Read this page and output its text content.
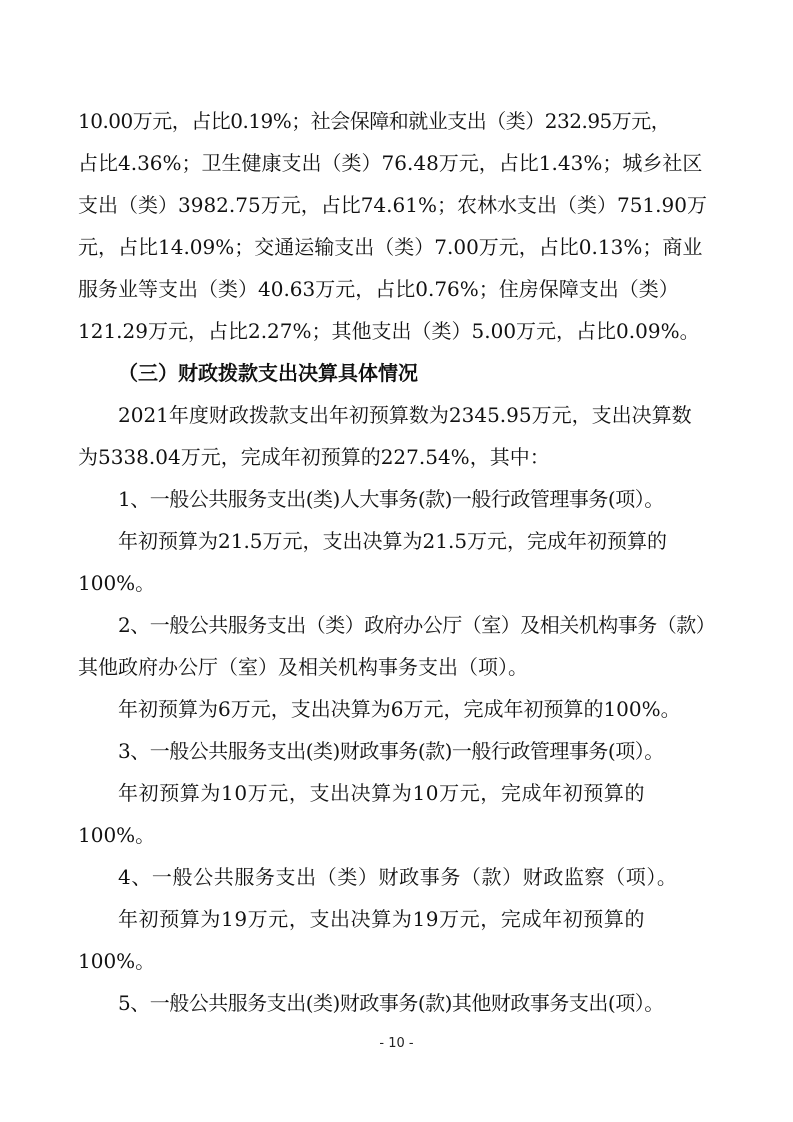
10.00万元，占比0.19%；社会保障和就业支出（类）232.95万元，
占比4.36%；卫生健康支出（类）76.48万元，占比1.43%；城乡社区
支出（类）3982.75万元，占比74.61%；农林水支出（类）751.90万
元，占比14.09%；交通运输支出（类）7.00万元，占比0.13%；商业
服务业等支出（类）40.63万元，占比0.76%；住房保障支出（类）
121.29万元，占比2.27%；其他支出（类）5.00万元，占比0.09%。
（三）财政拨款支出决算具体情况
2021年度财政拨款支出年初预算数为2345.95万元，支出决算数
为5338.04万元，完成年初预算的227.54%，其中：
1、一般公共服务支出(类)人大事务(款)一般行政管理事务(项）。
年初预算为21.5万元，支出决算为21.5万元，完成年初预算的
100%。
2、一般公共服务支出（类）政府办公厅（室）及相关机构事务（款）
其他政府办公厅（室）及相关机构事务支出（项）。
年初预算为6万元，支出决算为6万元，完成年初预算的100%。
3、一般公共服务支出(类)财政事务(款)一般行政管理事务(项）。
年初预算为10万元，支出决算为10万元，完成年初预算的
100%。
4、一般公共服务支出（类）财政事务（款）财政监察（项）。
年初预算为19万元，支出决算为19万元，完成年初预算的
100%。
5、一般公共服务支出(类)财政事务(款)其他财政事务支出(项）。
- 10 -
